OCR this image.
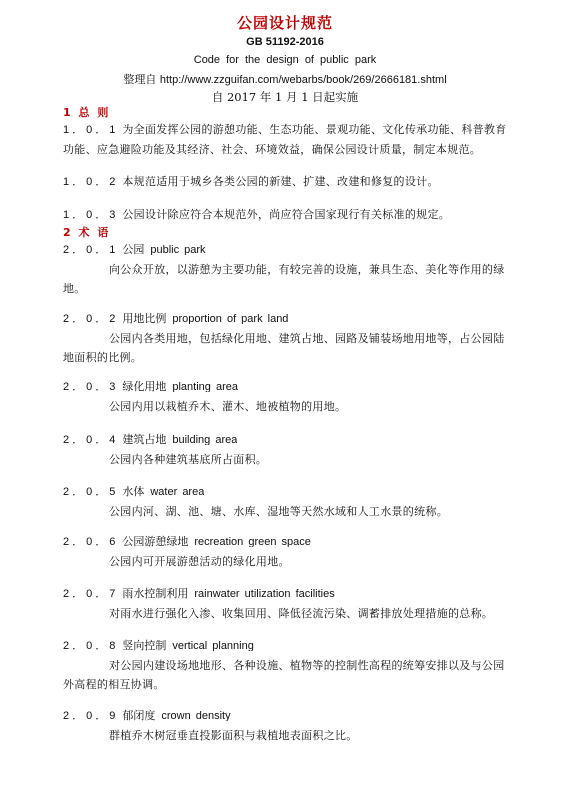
公园设计规范
GB 51192-2016
Code for the design of public park
整理自 http://www.zzguifan.com/webarbs/book/269/2666181.shtml
自 2017 年 1 月 1 日起实施
1 总 则
1．0．1 为全面发挥公园的游憩功能、生态功能、景观功能、文化传承功能、科普教育功能、应急避险功能及其经济、社会、环境效益，确保公园设计质量，制定本规范。
1．0．2 本规范适用于城乡各类公园的新建、扩建、改建和修复的设计。
1．0．3 公园设计除应符合本规范外，尚应符合国家现行有关标准的规定。
2 术 语
2．0．1 公园 public park
向公众开放，以游憩为主要功能，有较完善的设施，兼具生态、美化等作用的绿地。
2．0．2 用地比例 proportion of park land
公园内各类用地，包括绿化用地、建筑占地、园路及铺装场地用地等，占公园陆地面积的比例。
2．0．3 绿化用地 planting area
公园内用以栽植乔木、灌木、地被植物的用地。
2．0．4 建筑占地 building area
公园内各种建筑基底所占面积。
2．0．5 水体 water area
公园内河、湖、池、塘、水库、湿地等天然水域和人工水景的统称。
2．0．6 公园游憩绿地 recreation green space
公园内可开展游憩活动的绿化用地。
2．0．7 雨水控制利用 rainwater utilization facilities
对雨水进行强化入渗、收集回用、降低径流污染、调蓄排放处理措施的总称。
2．0．8 竖向控制 vertical planning
对公园内建设场地地形、各种设施、植物等的控制性高程的统筹安排以及与公园外高程的相互协调。
2．0．9 郁闭度 crown density
群植乔木树冠垂直投影面积与栽植地表面积之比。
